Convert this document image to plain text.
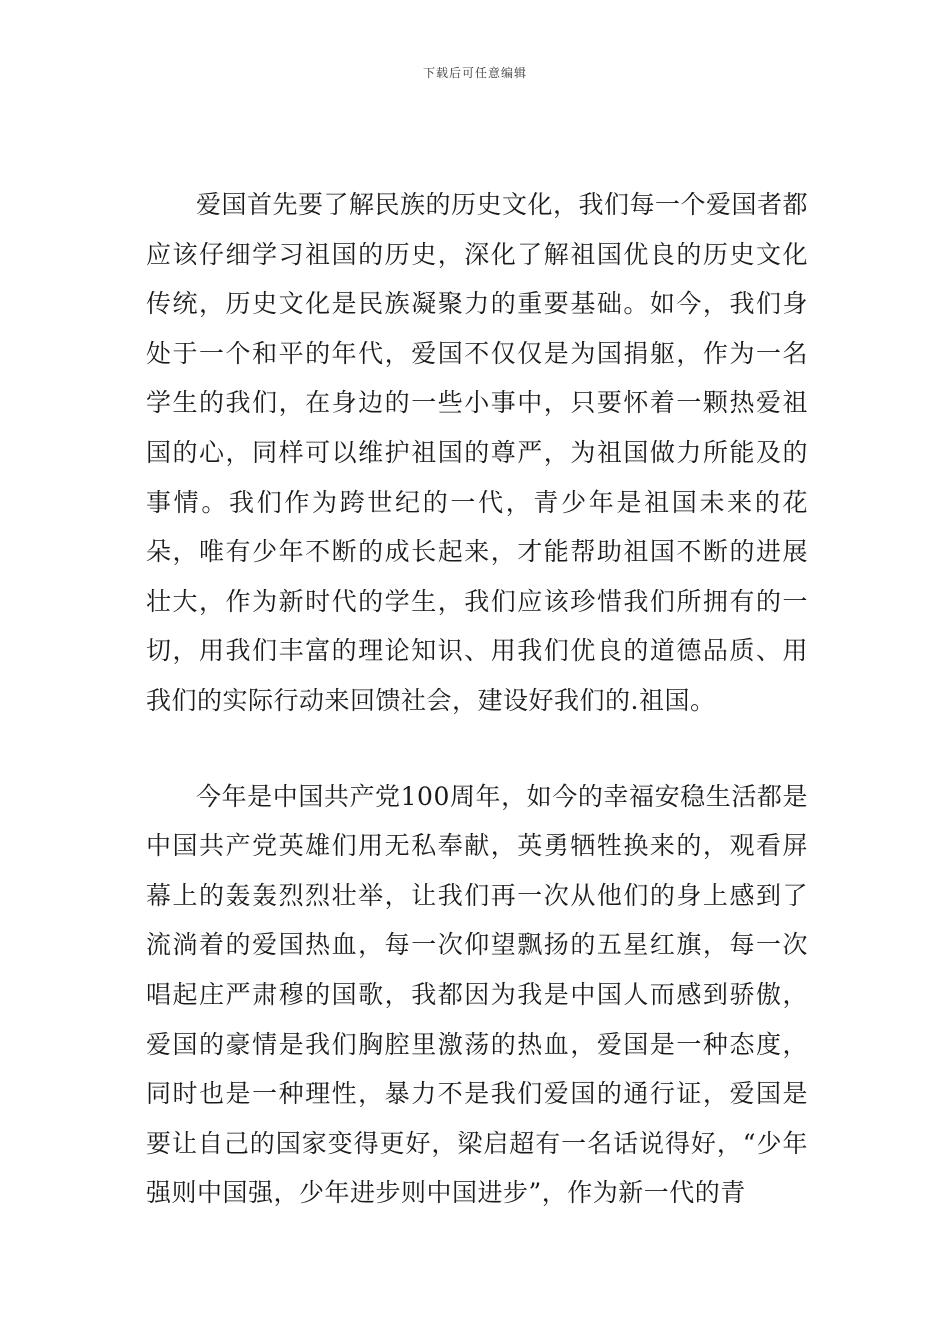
下载后可任意编辑

爱国首先要了解民族的历史文化，我们每一个爱国者都应该仔细学习祖国的历史，深化了解祖国优良的历史文化传统，历史文化是民族凝聚力的重要基础。如今，我们身处于一个和平的年代，爱国不仅仅是为国捐躯，作为一名学生的我们，在身边的一些小事中，只要怀着一颗热爱祖国的心，同样可以维护祖国的尊严，为祖国做力所能及的事情。我们作为跨世纪的一代，青少年是祖国未来的花朵，唯有少年不断的成长起来，才能帮助祖国不断的进展壮大，作为新时代的学生，我们应该珍惜我们所拥有的一切，用我们丰富的理论知识、用我们优良的道德品质、用我们的实际行动来回馈社会，建设好我们的.祖国。

今年是中国共产党100周年，如今的幸福安稳生活都是中国共产党英雄们用无私奉献，英勇牺牲换来的，观看屏幕上的轰轰烈烈壮举，让我们再一次从他们的身上感到了流淌着的爱国热血，每一次仰望飘扬的五星红旗，每一次唱起庄严肃穆的国歌，我都因为我是中国人而感到骄傲，爱国的豪情是我们胸腔里激荡的热血，爱国是一种态度，同时也是一种理性，暴力不是我们爱国的通行证，爱国是要让自己的国家变得更好，梁启超有一名话说得好，“少年强则中国强，少年进步则中国进步”，作为新一代的青
